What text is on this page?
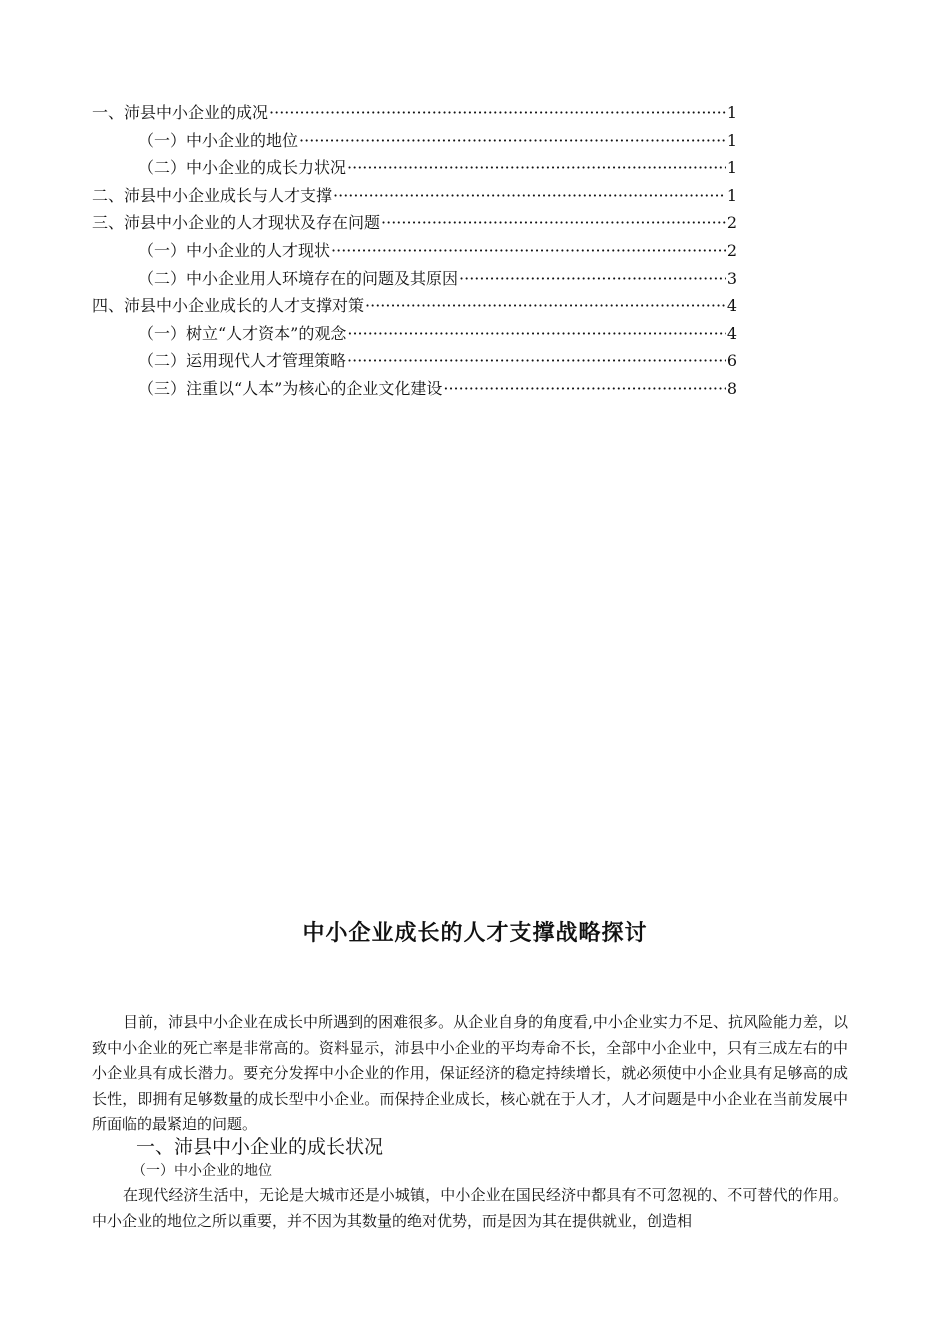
一、沛县中小企业的成况 ·····	1
（一）中小企业的地位 ·····	1
（二）中小企业的成长力状况 ·····	1
二、沛县中小企业成长与人才支撑 ·····	1
三、沛县中小企业的人才现状及存在问题 ·····	2
（一）中小企业的人才现状 ·····	2
（二）中小企业用人环境存在的问题及其原因 ·····	3
四、沛县中小企业成长的人才支撑对策 ·····	4
（一）树立“人才资本”的观念 ·····	4
（二）运用现代人才管理策略 ·····	6
（三）注重以“人本”为核心的企业文化建设 ·····	8
中小企业成长的人才支撑战略探讨
目前，沛县中小企业在成长中所遇到的困难很多。从企业自身的角度看,中小企业实力不足、抗风险能力差，以致中小企业的死亡率是非常高的。资料显示，沛县中小企业的平均寿命不长，全部中小企业中，只有三成左右的中小企业具有成长潜力。要充分发挥中小企业的作用，保证经济的稳定持续增长，就必须使中小企业具有足够高的成长性，即拥有足够数量的成长型中小企业。而保持企业成长，核心就在于人才，人才问题是中小企业在当前发展中所面临的最紧迫的问题。
一、沛县中小企业的成长状况
（一）中小企业的地位
在现代经济生活中，无论是大城市还是小城镇，中小企业在国民经济中都具有不可忽视的、不可替代的作用。中小企业的地位之所以重要，并不因为其数量的绝对优势，而是因为其在提供就业，创造相
